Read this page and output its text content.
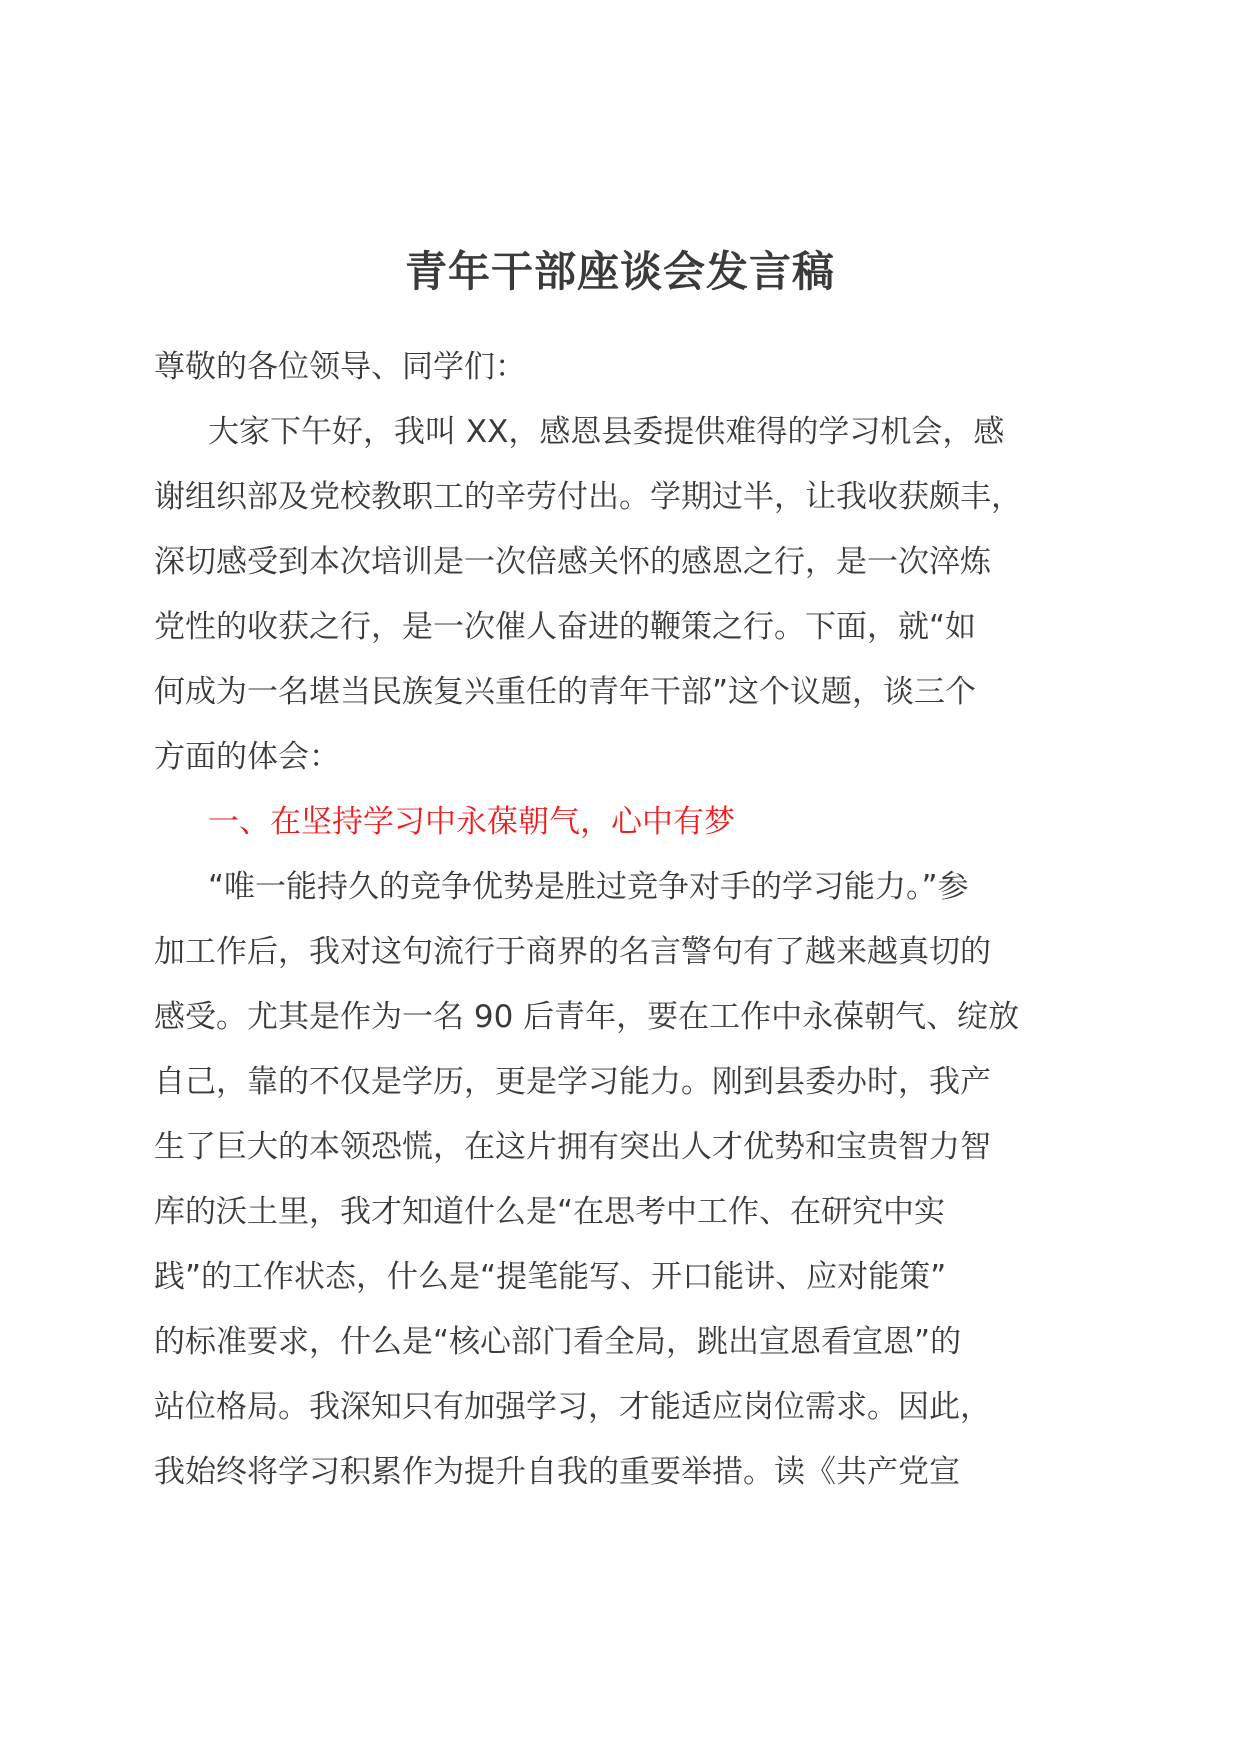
青年干部座谈会发言稿
尊敬的各位领导、同学们：
大家下午好，我叫 XX，感恩县委提供难得的学习机会，感
谢组织部及党校教职工的辛劳付出。学期过半，让我收获颇丰，
深切感受到本次培训是一次倍感关怀的感恩之行，是一次淬炼
党性的收获之行，是一次催人奋进的鞭策之行。下面，就“如
何成为一名堪当民族复兴重任的青年干部”这个议题，谈三个
方面的体会：
一、在坚持学习中永葆朝气，心中有梦
“唯一能持久的竞争优势是胜过竞争对手的学习能力。”参
加工作后，我对这句流行于商界的名言警句有了越来越真切的
感受。尤其是作为一名 90 后青年，要在工作中永葆朝气、绽放
自己，靠的不仅是学历，更是学习能力。刚到县委办时，我产
生了巨大的本领恐慌，在这片拥有突出人才优势和宝贵智力智
库的沃土里，我才知道什么是“在思考中工作、在研究中实
践”的工作状态，什么是“提笔能写、开口能讲、应对能策”
的标准要求，什么是“核心部门看全局，跳出宣恩看宣恩”的
站位格局。我深知只有加强学习，才能适应岗位需求。因此，
我始终将学习积累作为提升自我的重要举措。读《共产党宣
